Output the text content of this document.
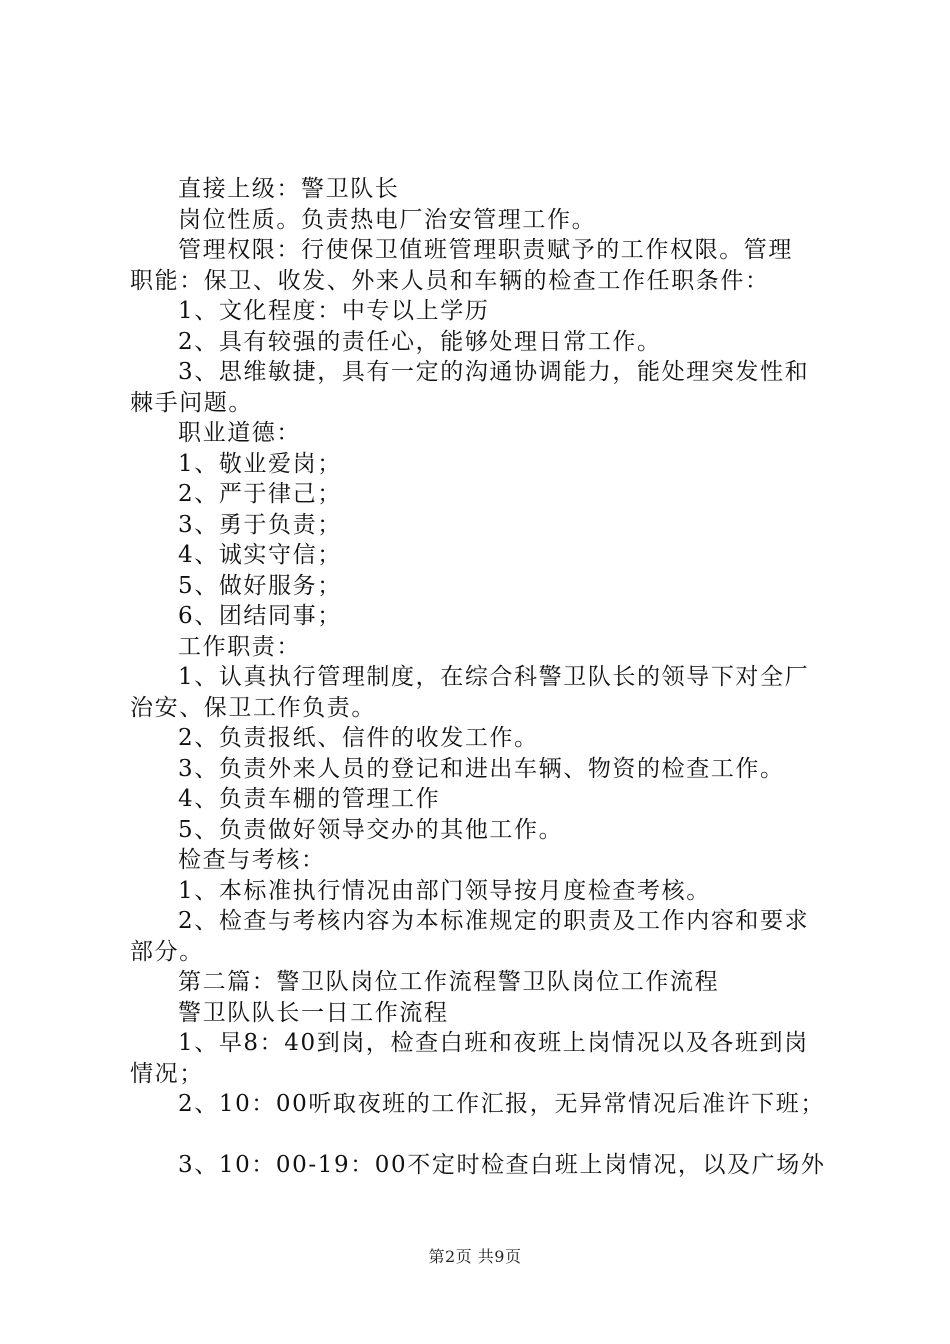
直接上级：警卫队长
岗位性质。负责热电厂治安管理工作。
管理权限：行使保卫值班管理职责赋予的工作权限。管理
职能：保卫、收发、外来人员和车辆的检查工作任职条件：
1、文化程度：中专以上学历
2、具有较强的责任心，能够处理日常工作。
3、思维敏捷，具有一定的沟通协调能力，能处理突发性和
棘手问题。
职业道德：
1、敬业爱岗；
2、严于律己；
3、勇于负责；
4、诚实守信；
5、做好服务；
6、团结同事；
工作职责：
1、认真执行管理制度，在综合科警卫队长的领导下对全厂
治安、保卫工作负责。
2、负责报纸、信件的收发工作。
3、负责外来人员的登记和进出车辆、物资的检查工作。
4、负责车棚的管理工作
5、负责做好领导交办的其他工作。
检查与考核：
1、本标准执行情况由部门领导按月度检查考核。
2、检查与考核内容为本标准规定的职责及工作内容和要求
部分。
第二篇：警卫队岗位工作流程警卫队岗位工作流程
警卫队队长一日工作流程
1、早8：40到岗，检查白班和夜班上岗情况以及各班到岗
情况；
2、10：00听取夜班的工作汇报，无异常情况后准许下班；
3、10：00-19：00不定时检查白班上岗情况，以及广场外
第2页 共9页
